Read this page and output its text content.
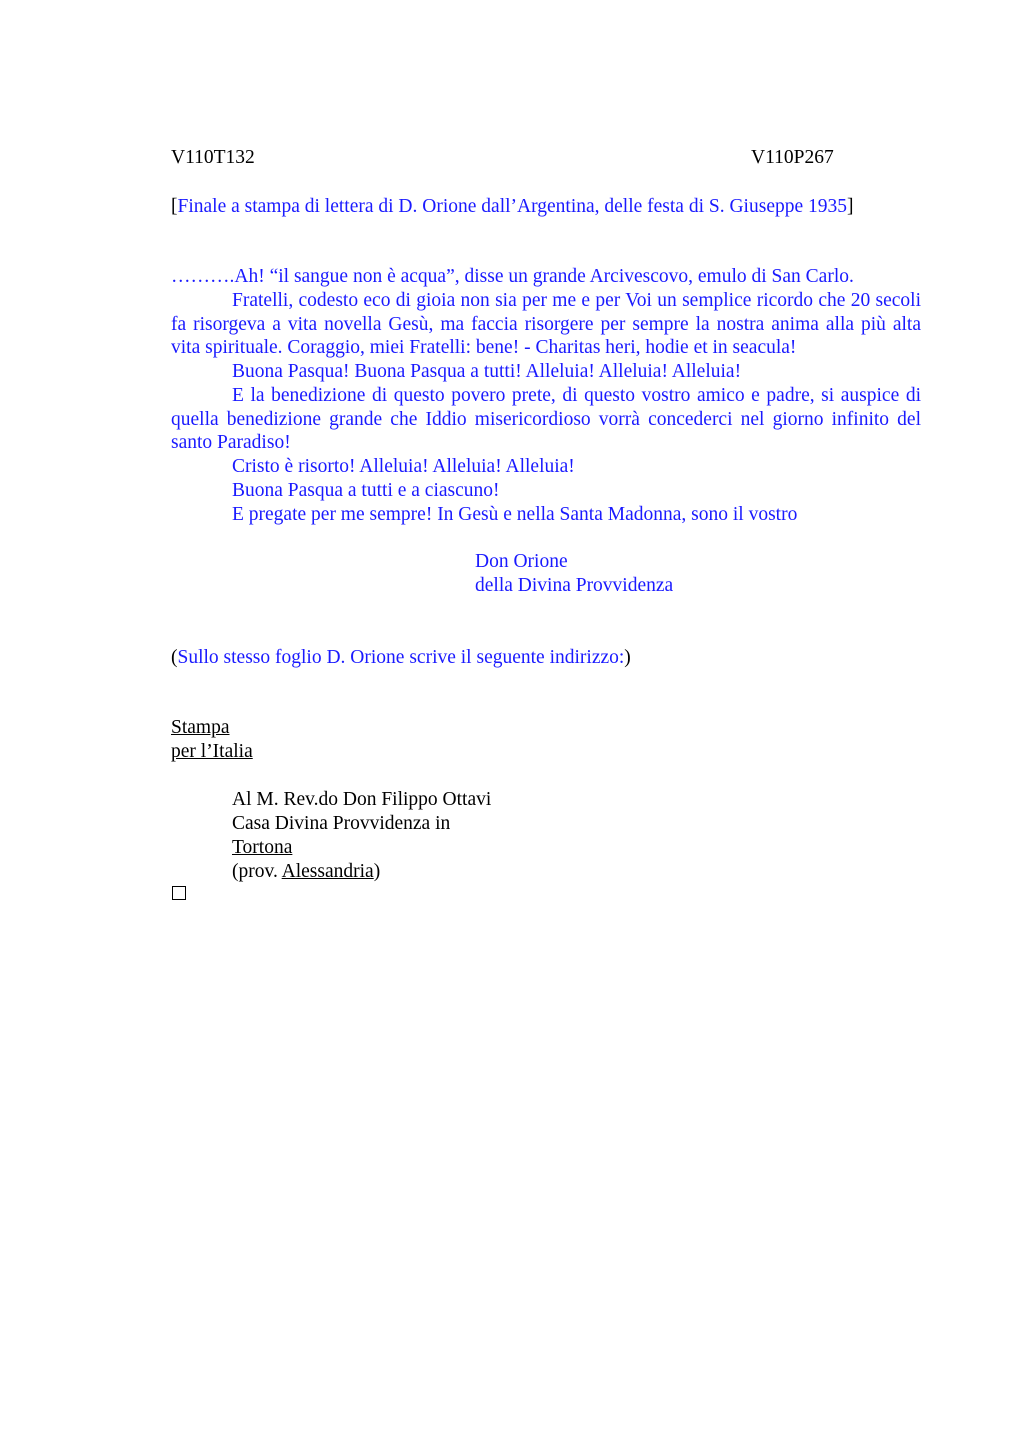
V110T132	V110P267
[Finale a stampa di lettera di D. Orione dall’Argentina, delle festa di S. Giuseppe 1935]
……….Ah! “il sangue non è acqua”, disse un grande Arcivescovo, emulo di San Carlo.
Fratelli, codesto eco di gioia non sia per me e per Voi un semplice ricordo che 20 secoli fa risorgeva a vita novella Gesù, ma faccia risorgere per sempre la nostra anima alla più alta vita spirituale. Coraggio, miei Fratelli: bene! - Charitas heri, hodie et in seacula!
Buona Pasqua! Buona Pasqua a tutti! Alleluia! Alleluia! Alleluia!
E la benedizione di questo povero prete, di questo vostro amico e padre, si auspice di quella benedizione grande che Iddio misericordioso vorrà concederci nel giorno infinito del santo Paradiso!
Cristo è risorto! Alleluia! Alleluia! Alleluia!
Buona Pasqua a tutti e a ciascuno!
E pregate per me sempre! In Gesù e nella Santa Madonna, sono il vostro
Don Orione
della Divina Provvidenza
(Sullo stesso foglio D. Orione scrive il seguente indirizzo:)
Stampa
per l’Italia
Al M. Rev.do Don Filippo Ottavi
Casa Divina Provvidenza in
Tortona
(prov. Alessandria)
